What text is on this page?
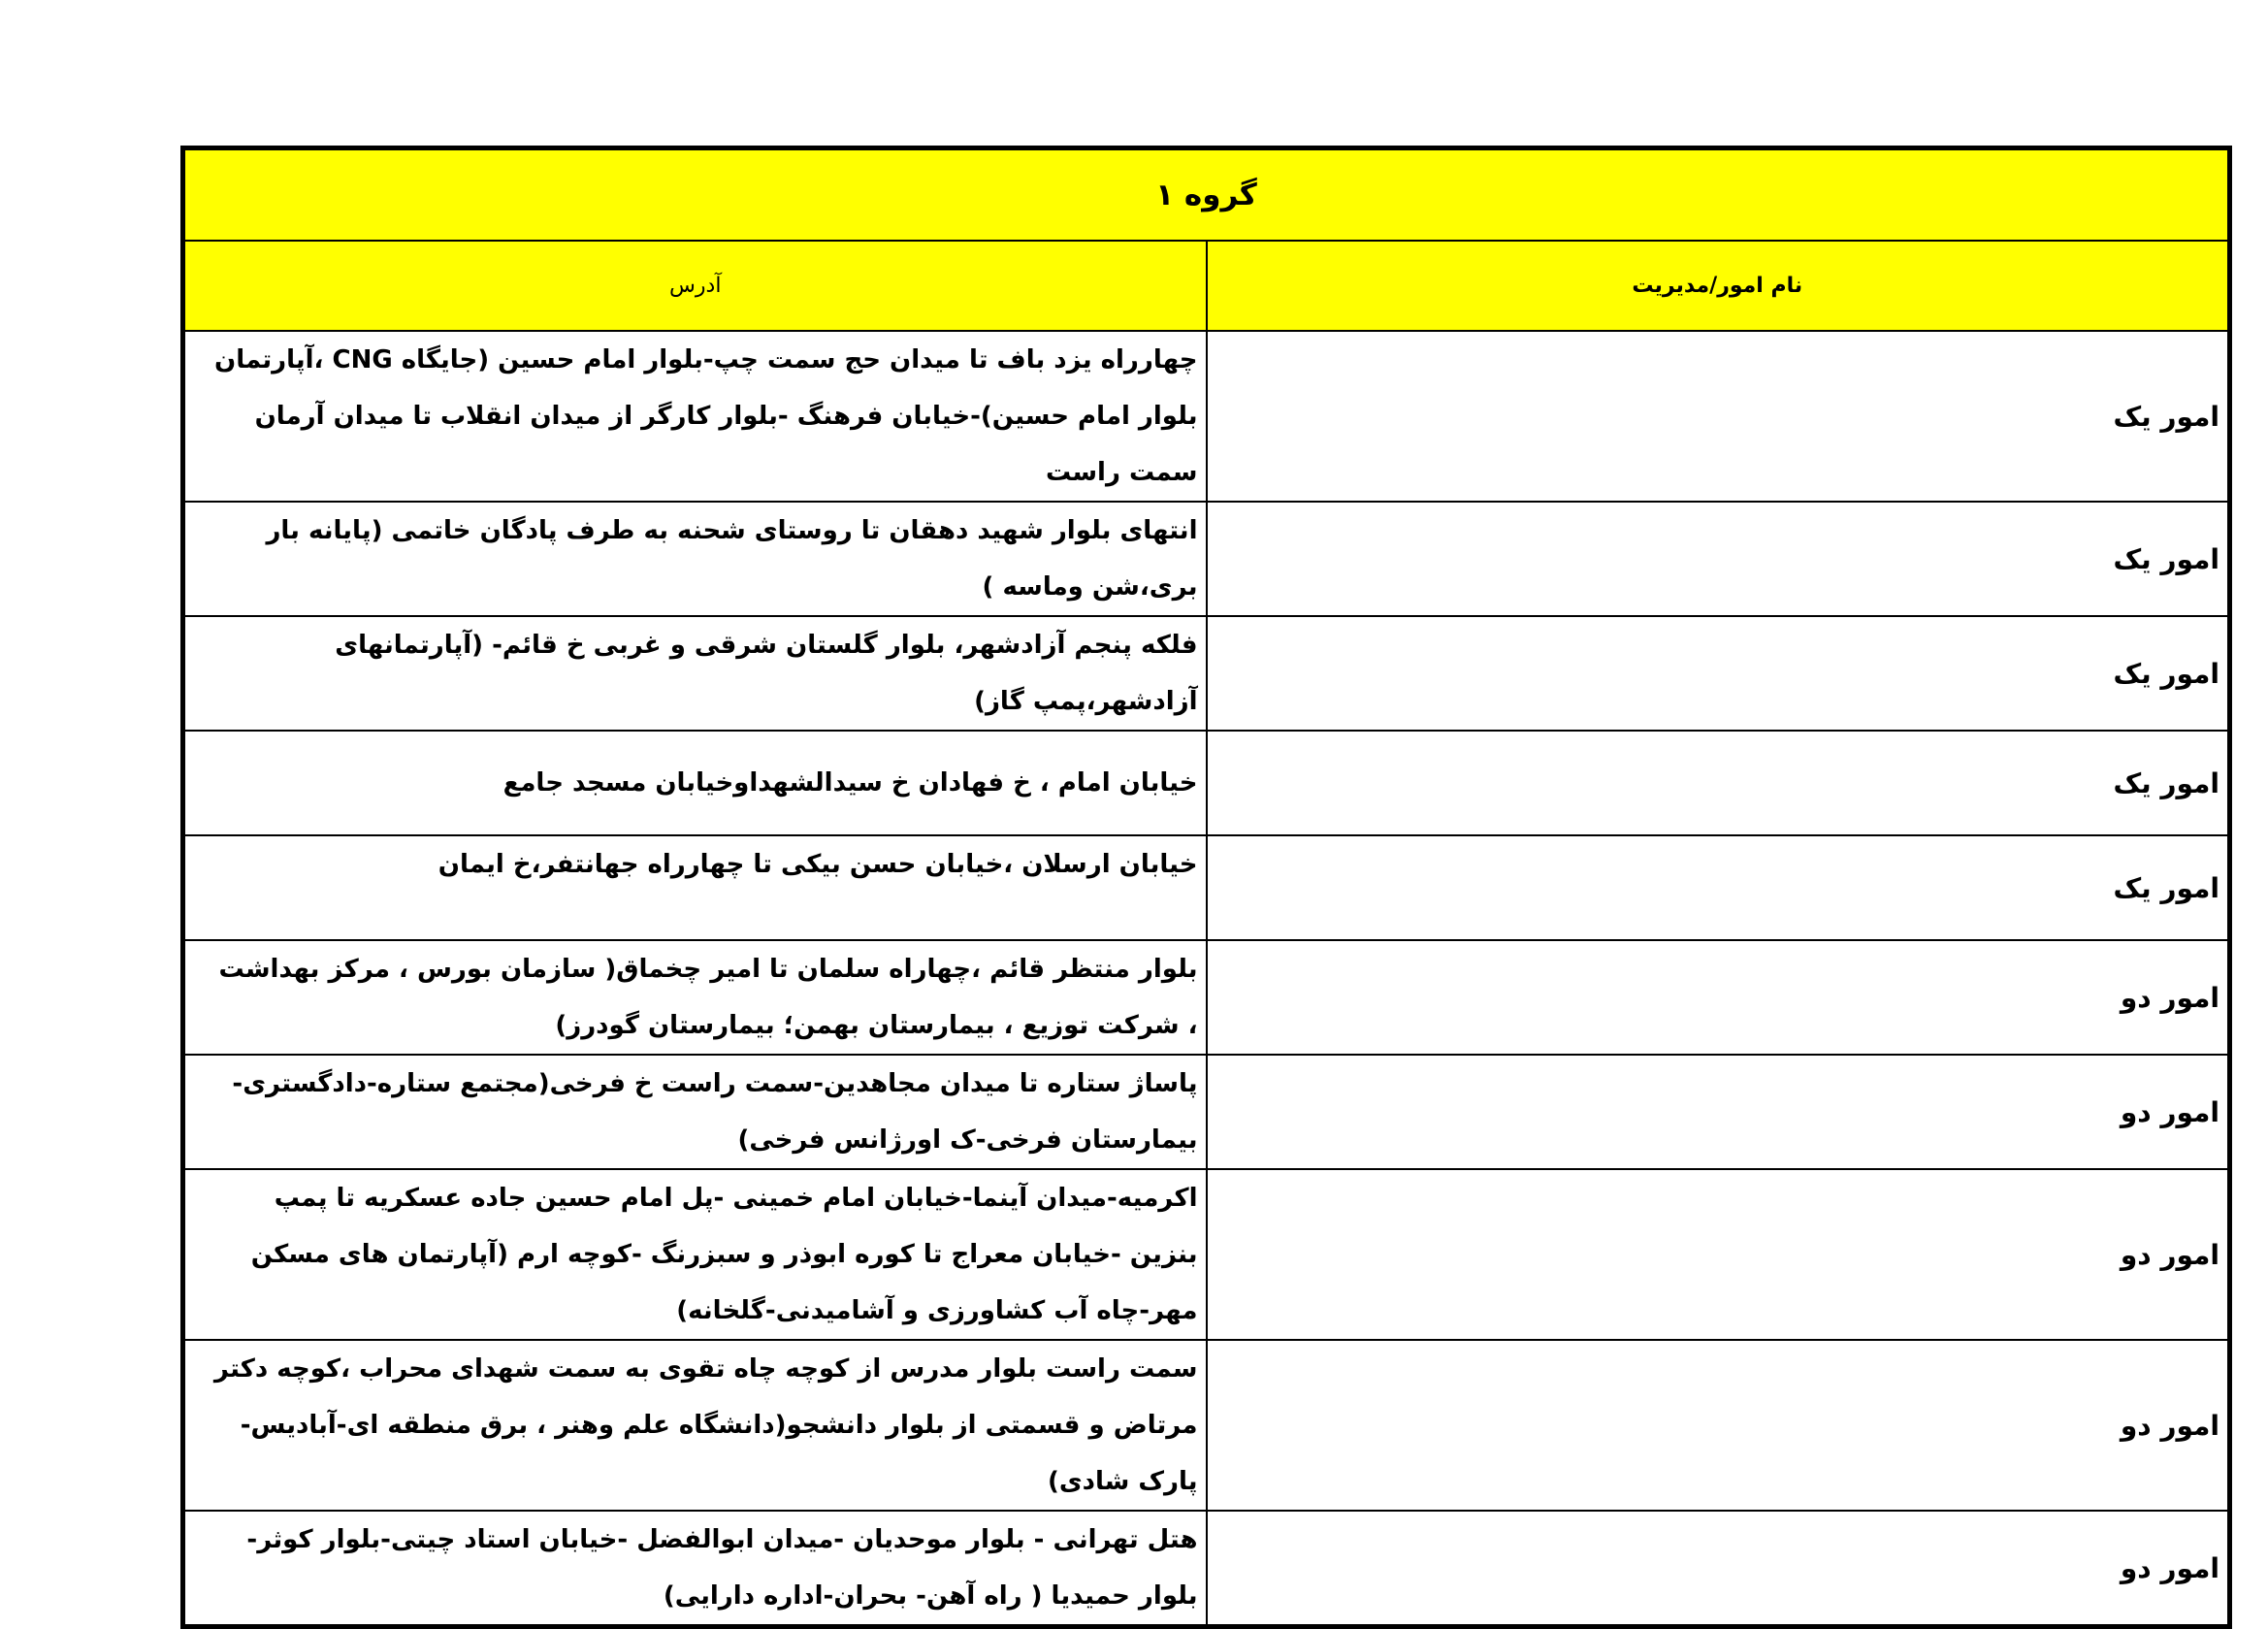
گروه ۱	
نام امور/مدیریت	آدرس
امور یک	چهارراه یزد باف تا میدان حج سمت چپ-بلوار امام حسین (جایگاه CNG ،آپارتمان بلوار امام حسین)-خیابان فرهنگ -بلوار کارگر از میدان انقلاب تا میدان آرمان سمت راست
امور یک	انتهای بلوار شهید دهقان تا روستای شحنه به طرف پادگان خاتمی (پایانه بار بری،شن وماسه )
امور یک	فلکه پنجم آزادشهر، بلوار گلستان شرقی و غربی خ قائم- (آپارتمانهای آزادشهر،پمپ گاز)
امور یک	خیابان امام ، خ فهادان خ سیدالشهداوخیابان مسجد جامع
امور یک	خیابان ارسلان ،خیابان حسن بیکی تا چهارراه جهانتفر،خ ایمان
امور دو	بلوار منتظر قائم ،چهاراه سلمان تا امیر چخماق( سازمان بورس ، مرکز بهداشت ، شرکت توزیع ، بیمارستان بهمن؛ بیمارستان گودرز)
امور دو	پاساژ ستاره تا میدان مجاهدین-سمت راست خ فرخی(مجتمع ستاره-دادگستری-بیمارستان فرخی-ک اورژانس فرخی)
امور دو	اکرمیه-میدان آینما-خیابان امام خمینی -پل امام حسین جاده عسکریه تا پمپ بنزین -خیابان معراج تا کوره ابوذر و سبزرنگ -کوچه ارم (آپارتمان های مسکن مهر-چاه آب کشاورزی و آشامیدنی-گلخانه)
امور دو	سمت راست بلوار مدرس از کوچه چاه تقوی به سمت شهدای محراب ،کوچه دکتر مرتاض و قسمتی از بلوار دانشجو(دانشگاه علم وهنر ، برق منطقه ای-آبادیس-پارک شادی)
امور دو	هتل تهرانی - بلوار موحدیان -میدان ابوالفضل -خیابان استاد چیتی-بلوار کوثر-بلوار حمیدیا ( راه آهن- بحران-اداره دارایی)
